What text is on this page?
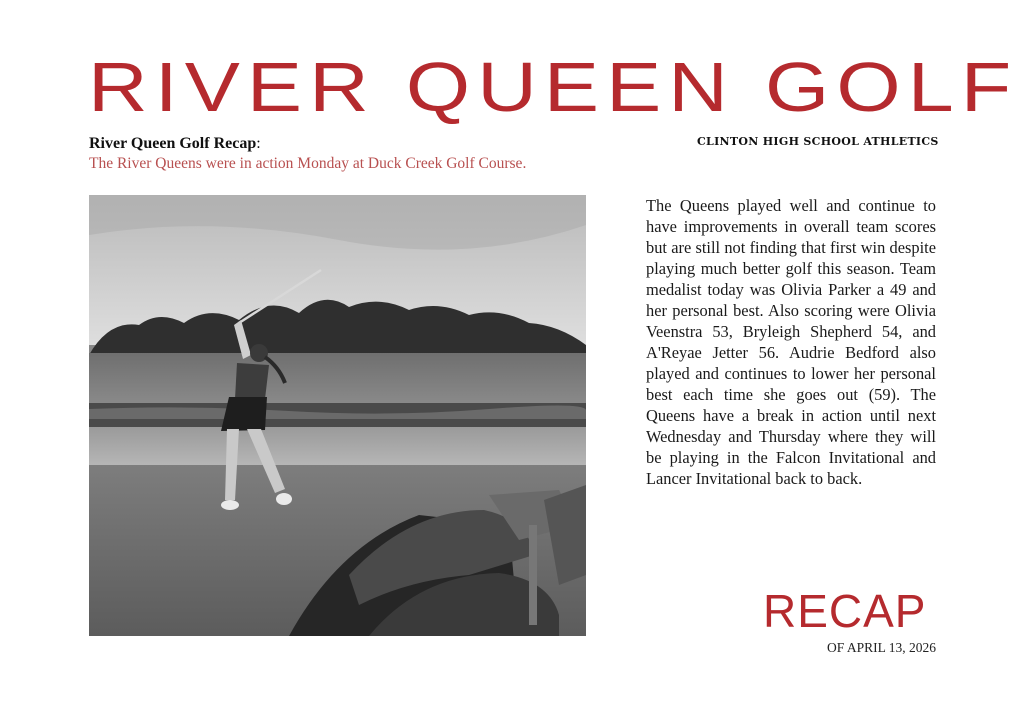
RIVER QUEEN GOLF
CLINTON HIGH SCHOOL ATHLETICS
River Queen Golf Recap:
The River Queens were in action Monday at Duck Creek Golf Course.
The Queens played well and continue to have improvements in overall team scores but are still not finding that first win despite playing much better golf this season. Team medalist today was Olivia Parker a 49 and her personal best. Also scoring were Olivia Veenstra 53, Bryleigh Shepherd 54, and A'Reyae Jetter 56. Audrie Bedford also played and continues to lower her personal best each time she goes out (59). The Queens have a break in action until next Wednesday and Thursday where they will be playing in the Falcon Invitational and Lancer Invitational back to back.
RECAP
OF APRIL 13, 2026
